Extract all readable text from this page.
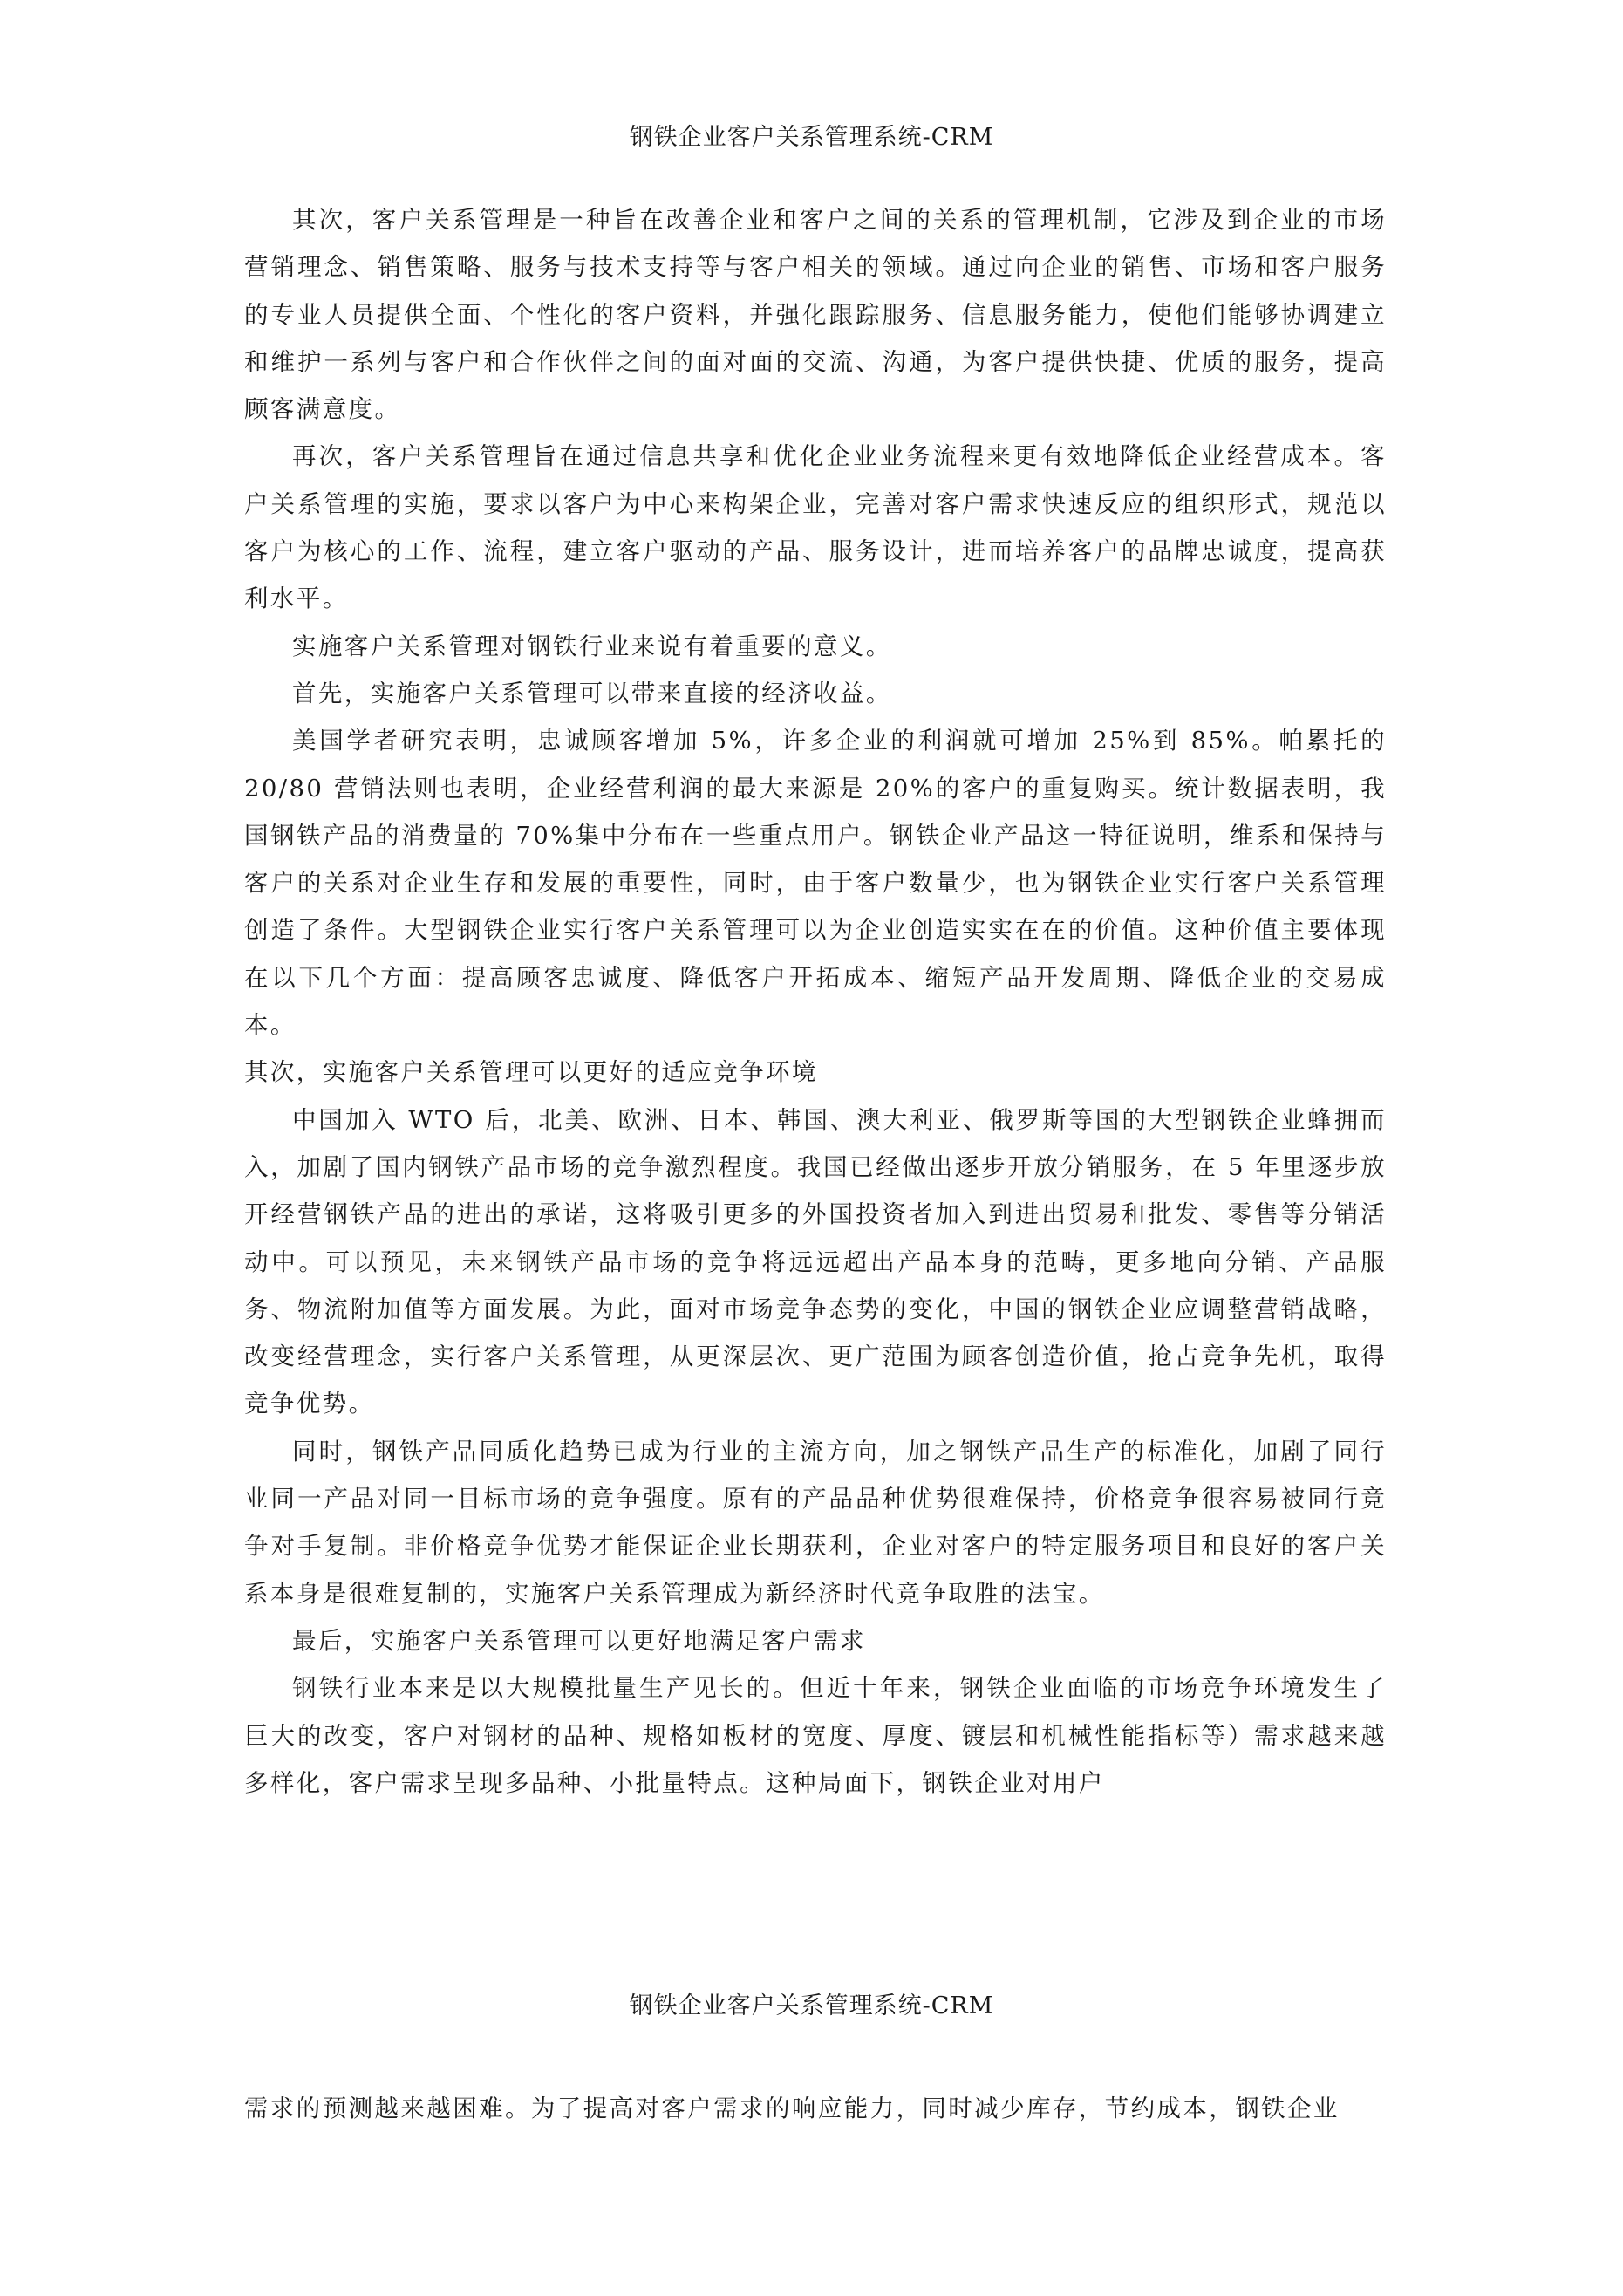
钢铁企业客户关系管理系统-CRM

其次，客户关系管理是一种旨在改善企业和客户之间的关系的管理机制，它涉及到企业的市场营销理念、销售策略、服务与技术支持等与客户相关的领域。通过向企业的销售、市场和客户服务的专业人员提供全面、个性化的客户资料，并强化跟踪服务、信息服务能力，使他们能够协调建立和维护一系列与客户和合作伙伴之间的面对面的交流、沟通，为客户提供快捷、优质的服务，提高顾客满意度。

再次，客户关系管理旨在通过信息共享和优化企业业务流程来更有效地降低企业经营成本。客户关系管理的实施，要求以客户为中心来构架企业，完善对客户需求快速反应的组织形式，规范以客户为核心的工作、流程，建立客户驱动的产品、服务设计，进而培养客户的品牌忠诚度，提高获利水平。

实施客户关系管理对钢铁行业来说有着重要的意义。

首先，实施客户关系管理可以带来直接的经济收益。

美国学者研究表明，忠诚顾客增加 5%，许多企业的利润就可增加 25%到 85%。帕累托的 20/80 营销法则也表明，企业经营利润的最大来源是 20%的客户的重复购买。统计数据表明，我国钢铁产品的消费量的 70%集中分布在一些重点用户。钢铁企业产品这一特征说明，维系和保持与客户的关系对企业生存和发展的重要性，同时，由于客户数量少，也为钢铁企业实行客户关系管理创造了条件。大型钢铁企业实行客户关系管理可以为企业创造实实在在的价值。这种价值主要体现在以下几个方面：提高顾客忠诚度、降低客户开拓成本、缩短产品开发周期、降低企业的交易成本。

其次，实施客户关系管理可以更好的适应竞争环境

中国加入 WTO 后，北美、欧洲、日本、韩国、澳大利亚、俄罗斯等国的大型钢铁企业蜂拥而入，加剧了国内钢铁产品市场的竞争激烈程度。我国已经做出逐步开放分销服务，在 5 年里逐步放开经营钢铁产品的进出的承诺，这将吸引更多的外国投资者加入到进出贸易和批发、零售等分销活动中。可以预见，未来钢铁产品市场的竞争将远远超出产品本身的范畴，更多地向分销、产品服务、物流附加值等方面发展。为此，面对市场竞争态势的变化，中国的钢铁企业应调整营销战略，改变经营理念，实行客户关系管理，从更深层次、更广范围为顾客创造价值，抢占竞争先机，取得竞争优势。

同时，钢铁产品同质化趋势已成为行业的主流方向，加之钢铁产品生产的标准化，加剧了同行业同一产品对同一目标市场的竞争强度。原有的产品品种优势很难保持，价格竞争很容易被同行竞争对手复制。非价格竞争优势才能保证企业长期获利，企业对客户的特定服务项目和良好的客户关系本身是很难复制的，实施客户关系管理成为新经济时代竞争取胜的法宝。

最后，实施客户关系管理可以更好地满足客户需求

钢铁行业本来是以大规模批量生产见长的。但近十年来，钢铁企业面临的市场竞争环境发生了巨大的改变，客户对钢材的品种、规格如板材的宽度、厚度、镀层和机械性能指标等）需求越来越多样化，客户需求呈现多品种、小批量特点。这种局面下，钢铁企业对用户

钢铁企业客户关系管理系统-CRM

需求的预测越来越困难。为了提高对客户需求的响应能力，同时减少库存，节约成本，钢铁企业
